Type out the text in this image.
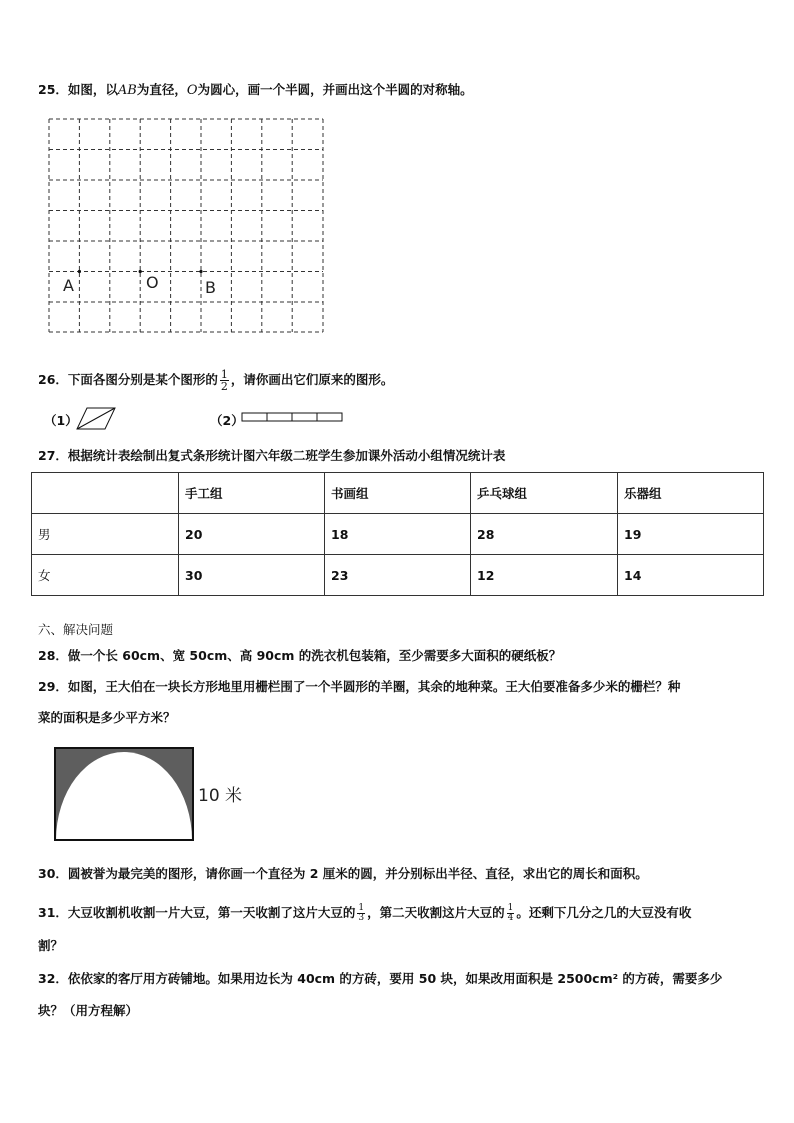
25．如图，以AB为直径，O为圆心，画一个半圆，并画出这个半圆的对称轴。
A	O	B
26．下面各图分别是某个图形的 $\frac{1}{2}$ ，请你画出它们原来的图形。
（1）	（2）
27．根据统计表绘制出复式条形统计图六年级二班学生参加课外活动小组情况统计表
	手工组	书画组	乒乓球组	乐器组
男	20	18	28	19
女	30	23	12	14
六、解决问题
28．做一个长 60cm、宽 50cm、高 90cm 的洗衣机包装箱，至少需要多大面积的硬纸板？
29．如图，王大伯在一块长方形地里用栅栏围了一个半圆形的羊圈，其余的地种菜。王大伯要准备多少米的栅栏？种
菜的面积是多少平方米？
10 米
30．圆被誉为最完美的图形，请你画一个直径为 2 厘米的圆，并分别标出半径、直径，求出它的周长和面积。
31．大豆收割机收割一片大豆，第一天收割了这片大豆的 $\frac{1}{3}$ ，第二天收割这片大豆的 $\frac{1}{4}$ 。还剩下几分之几的大豆没有收
割？
32．依依家的客厅用方砖铺地。如果用边长为 40cm 的方砖，要用 50 块，如果改用面积是 2500cm² 的方砖，需要多少
块？（用方程解）
